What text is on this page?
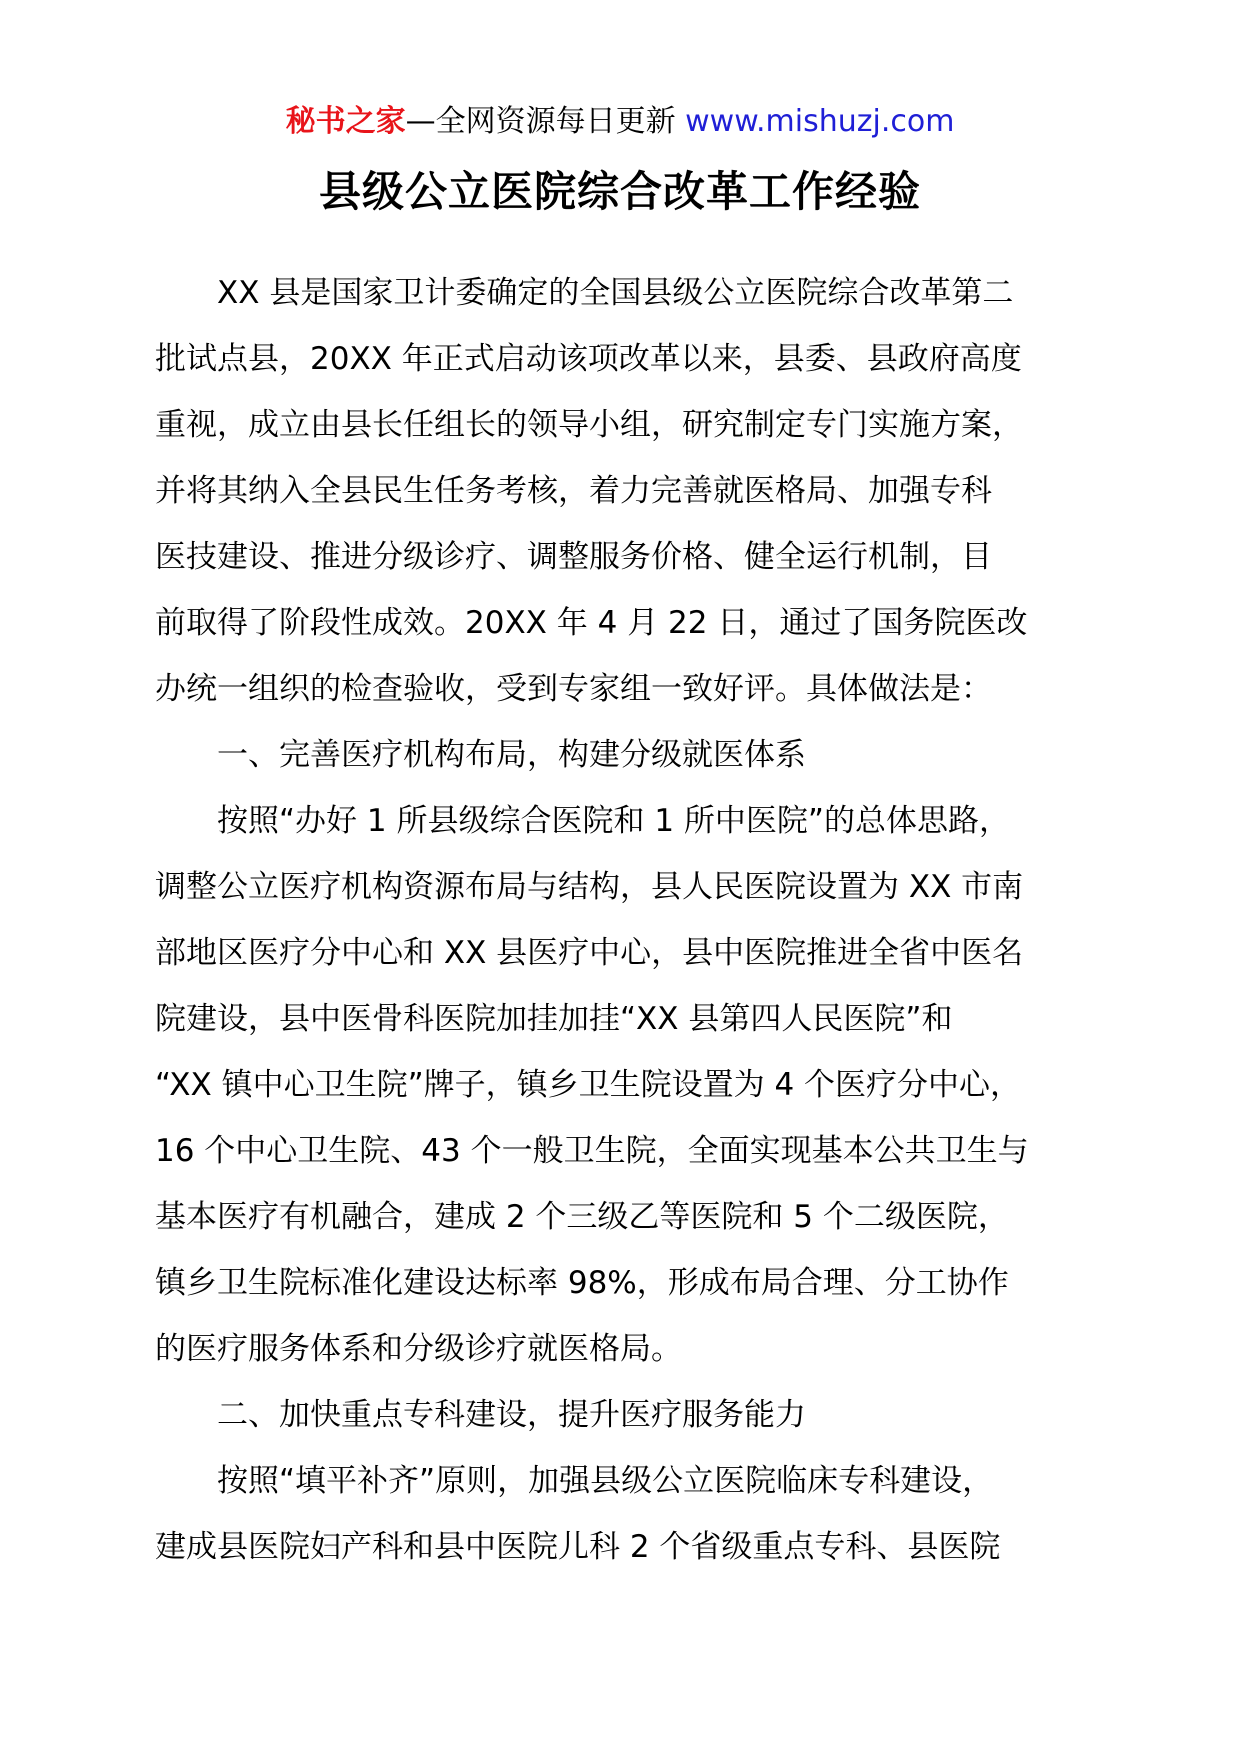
秘书之家—全网资源每日更新 www.mishuzj.com
县级公立医院综合改革工作经验
XX 县是国家卫计委确定的全国县级公立医院综合改革第二
批试点县，20XX 年正式启动该项改革以来，县委、县政府高度
重视，成立由县长任组长的领导小组，研究制定专门实施方案，
并将其纳入全县民生任务考核，着力完善就医格局、加强专科
医技建设、推进分级诊疗、调整服务价格、健全运行机制，目
前取得了阶段性成效。20XX 年 4 月 22 日，通过了国务院医改
办统一组织的检查验收，受到专家组一致好评。具体做法是：
一、完善医疗机构布局，构建分级就医体系
按照“办好 1 所县级综合医院和 1 所中医院”的总体思路，
调整公立医疗机构资源布局与结构，县人民医院设置为 XX 市南
部地区医疗分中心和 XX 县医疗中心，县中医院推进全省中医名
院建设，县中医骨科医院加挂加挂“XX 县第四人民医院”和
“XX 镇中心卫生院”牌子，镇乡卫生院设置为 4 个医疗分中心，
16 个中心卫生院、43 个一般卫生院，全面实现基本公共卫生与
基本医疗有机融合，建成 2 个三级乙等医院和 5 个二级医院，
镇乡卫生院标准化建设达标率 98%，形成布局合理、分工协作
的医疗服务体系和分级诊疗就医格局。
二、加快重点专科建设，提升医疗服务能力
按照“填平补齐”原则，加强县级公立医院临床专科建设，
建成县医院妇产科和县中医院儿科 2 个省级重点专科、县医院
